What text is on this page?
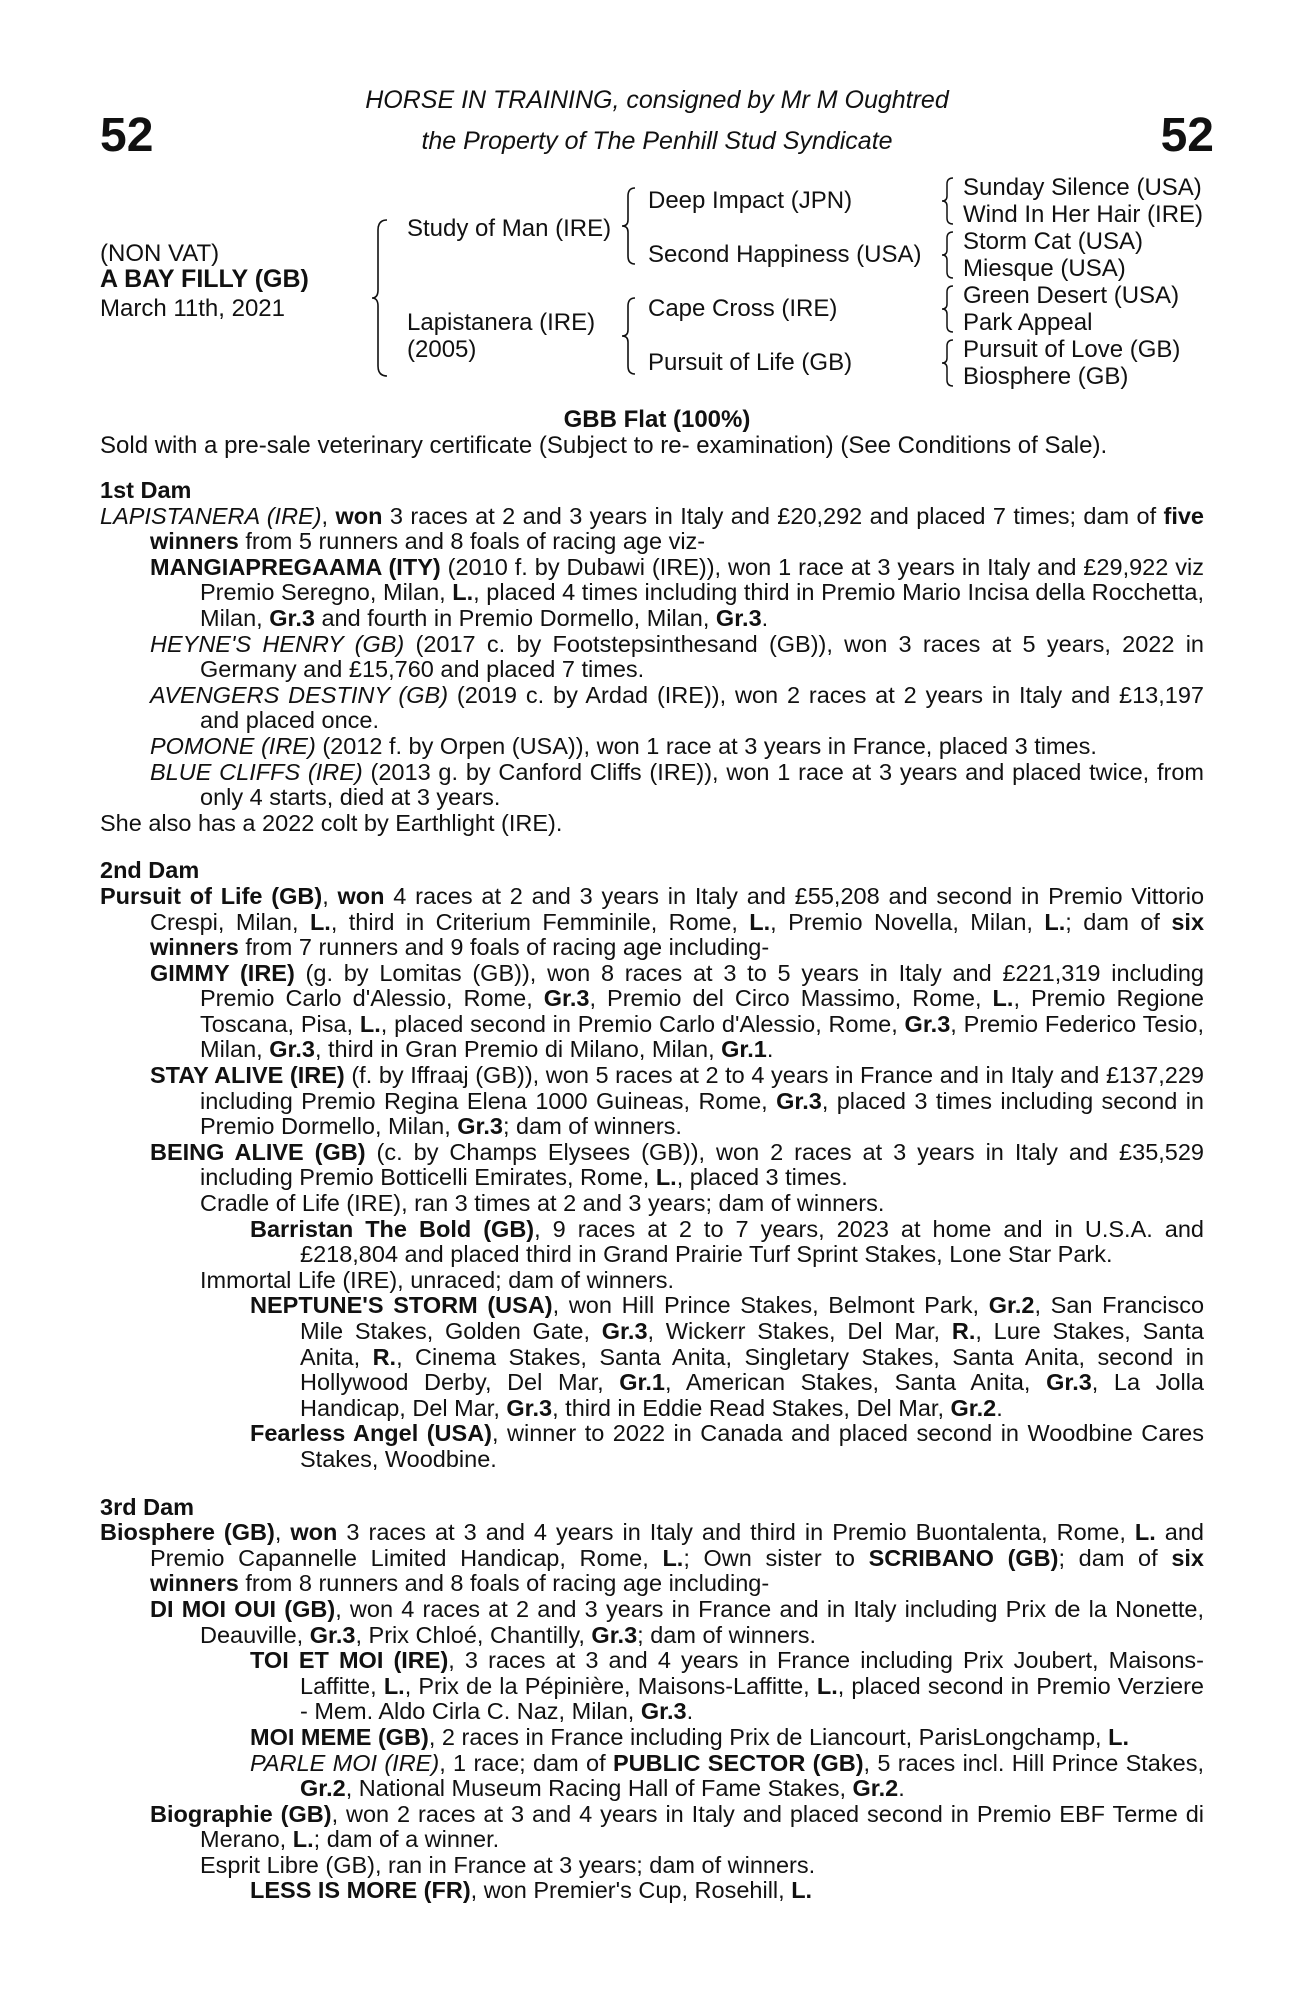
52	52
HORSE IN TRAINING, consigned by Mr M Oughtred
the Property of The Penhill Stud Syndicate
(NON VAT)
A BAY FILLY (GB)
March 11th, 2021
Study of Man (IRE)
Lapistanera (IRE)
(2005)
Deep Impact (JPN)
Second Happiness (USA)
Cape Cross (IRE)
Pursuit of Life (GB)
Sunday Silence (USA)
Wind In Her Hair (IRE)
Storm Cat (USA)
Miesque (USA)
Green Desert (USA)
Park Appeal
Pursuit of Love (GB)
Biosphere (GB)
GBB Flat (100%)
Sold with a pre-sale veterinary certificate (Subject to re- examination) (See Conditions of Sale).
1st Dam
LAPISTANERA (IRE), won 3 races at 2 and 3 years in Italy and £20,292 and placed 7 times; dam of five winners from 5 runners and 8 foals of racing age viz-
MANGIAPREGAAMA (ITY) (2010 f. by Dubawi (IRE)), won 1 race at 3 years in Italy and £29,922 viz Premio Seregno, Milan, L., placed 4 times including third in Premio Mario Incisa della Rocchetta, Milan, Gr.3 and fourth in Premio Dormello, Milan, Gr.3.
HEYNE'S HENRY (GB) (2017 c. by Footstepsinthesand (GB)), won 3 races at 5 years, 2022 in Germany and £15,760 and placed 7 times.
AVENGERS DESTINY (GB) (2019 c. by Ardad (IRE)), won 2 races at 2 years in Italy and £13,197 and placed once.
POMONE (IRE) (2012 f. by Orpen (USA)), won 1 race at 3 years in France, placed 3 times.
BLUE CLIFFS (IRE) (2013 g. by Canford Cliffs (IRE)), won 1 race at 3 years and placed twice, from only 4 starts, died at 3 years.
She also has a 2022 colt by Earthlight (IRE).
2nd Dam
Pursuit of Life (GB), won 4 races at 2 and 3 years in Italy and £55,208 and second in Premio Vittorio Crespi, Milan, L., third in Criterium Femminile, Rome, L., Premio Novella, Milan, L.; dam of six winners from 7 runners and 9 foals of racing age including-
GIMMY (IRE) (g. by Lomitas (GB)), won 8 races at 3 to 5 years in Italy and £221,319 including Premio Carlo d'Alessio, Rome, Gr.3, Premio del Circo Massimo, Rome, L., Premio Regione Toscana, Pisa, L., placed second in Premio Carlo d'Alessio, Rome, Gr.3, Premio Federico Tesio, Milan, Gr.3, third in Gran Premio di Milano, Milan, Gr.1.
STAY ALIVE (IRE) (f. by Iffraaj (GB)), won 5 races at 2 to 4 years in France and in Italy and £137,229 including Premio Regina Elena 1000 Guineas, Rome, Gr.3, placed 3 times including second in Premio Dormello, Milan, Gr.3; dam of winners.
BEING ALIVE (GB) (c. by Champs Elysees (GB)), won 2 races at 3 years in Italy and £35,529 including Premio Botticelli Emirates, Rome, L., placed 3 times.
Cradle of Life (IRE), ran 3 times at 2 and 3 years; dam of winners.
Barristan The Bold (GB), 9 races at 2 to 7 years, 2023 at home and in U.S.A. and £218,804 and placed third in Grand Prairie Turf Sprint Stakes, Lone Star Park.
Immortal Life (IRE), unraced; dam of winners.
NEPTUNE'S STORM (USA), won Hill Prince Stakes, Belmont Park, Gr.2, San Francisco Mile Stakes, Golden Gate, Gr.3, Wickerr Stakes, Del Mar, R., Lure Stakes, Santa Anita, R., Cinema Stakes, Santa Anita, Singletary Stakes, Santa Anita, second in Hollywood Derby, Del Mar, Gr.1, American Stakes, Santa Anita, Gr.3, La Jolla Handicap, Del Mar, Gr.3, third in Eddie Read Stakes, Del Mar, Gr.2.
Fearless Angel (USA), winner to 2022 in Canada and placed second in Woodbine Cares Stakes, Woodbine.
3rd Dam
Biosphere (GB), won 3 races at 3 and 4 years in Italy and third in Premio Buontalenta, Rome, L. and Premio Capannelle Limited Handicap, Rome, L.; Own sister to SCRIBANO (GB); dam of six winners from 8 runners and 8 foals of racing age including-
DI MOI OUI (GB), won 4 races at 2 and 3 years in France and in Italy including Prix de la Nonette, Deauville, Gr.3, Prix Chloé, Chantilly, Gr.3; dam of winners.
TOI ET MOI (IRE), 3 races at 3 and 4 years in France including Prix Joubert, Maisons-Laffitte, L., Prix de la Pépinière, Maisons-Laffitte, L., placed second in Premio Verziere - Mem. Aldo Cirla C. Naz, Milan, Gr.3.
MOI MEME (GB), 2 races in France including Prix de Liancourt, ParisLongchamp, L.
PARLE MOI (IRE), 1 race; dam of PUBLIC SECTOR (GB), 5 races incl. Hill Prince Stakes, Gr.2, National Museum Racing Hall of Fame Stakes, Gr.2.
Biographie (GB), won 2 races at 3 and 4 years in Italy and placed second in Premio EBF Terme di Merano, L.; dam of a winner.
Esprit Libre (GB), ran in France at 3 years; dam of winners.
LESS IS MORE (FR), won Premier's Cup, Rosehill, L.
